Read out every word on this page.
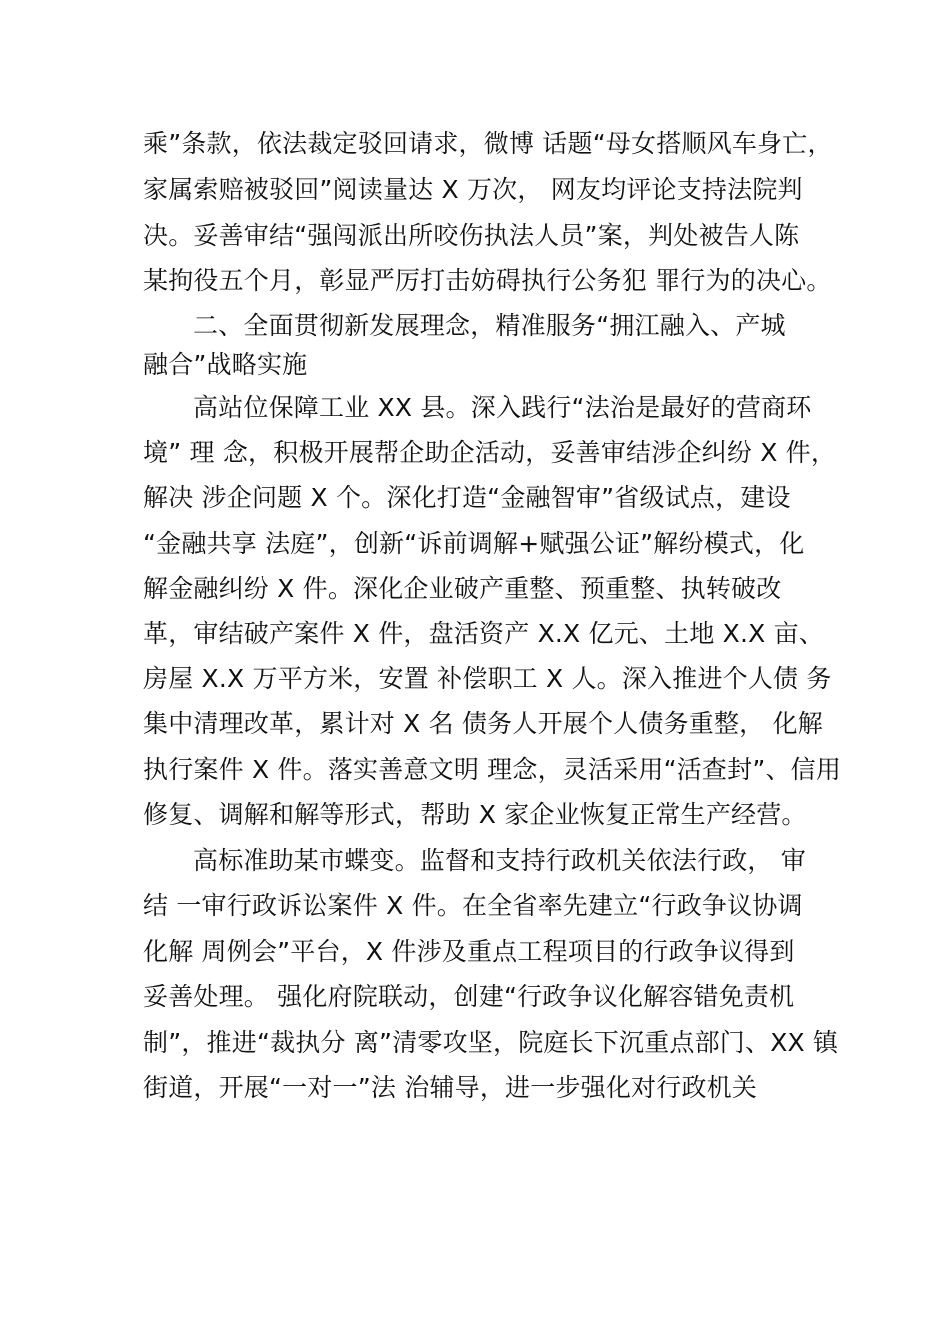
乘”条款，依法裁定驳回请求，微博 话题“母女搭顺风车身亡，
家属索赔被驳回”阅读量达 X 万次， 网友均评论支持法院判
决。妥善审结“强闯派出所咬伤执法人员”案，判处被告人陈
某拘役五个月，彰显严厉打击妨碍执行公务犯 罪行为的决心。
二、全面贯彻新发展理念，精准服务“拥江融入、产城
融合”战略实施
高站位保障工业 XX 县。深入践行“法治是最好的营商环
境” 理 念，积极开展帮企助企活动，妥善审结涉企纠纷 X 件，
解决 涉企问题 X 个。深化打造“金融智审”省级试点，建设
“金融共享 法庭”，创新“诉前调解+赋强公证”解纷模式，化
解金融纠纷 X 件。深化企业破产重整、预重整、执转破改
革，审结破产案件 X 件，盘活资产 X.X 亿元、土地 X.X 亩、
房屋 X.X 万平方米，安置 补偿职工 X 人。深入推进个人债 务
集中清理改革，累计对 X 名 债务人开展个人债务重整， 化解
执行案件 X 件。落实善意文明 理念，灵活采用“活查封”、信用
修复、调解和解等形式，帮助 X 家企业恢复正常生产经营。
高标准助某市蝶变。监督和支持行政机关依法行政， 审
结 一审行政诉讼案件 X 件。在全省率先建立“行政争议协调
化解 周例会”平台，X 件涉及重点工程项目的行政争议得到
妥善处理。 强化府院联动，创建“行政争议化解容错免责机
制”，推进“裁执分 离”清零攻坚，院庭长下沉重点部门、XX 镇
街道，开展“一对一”法 治辅导，进一步强化对行政机关
